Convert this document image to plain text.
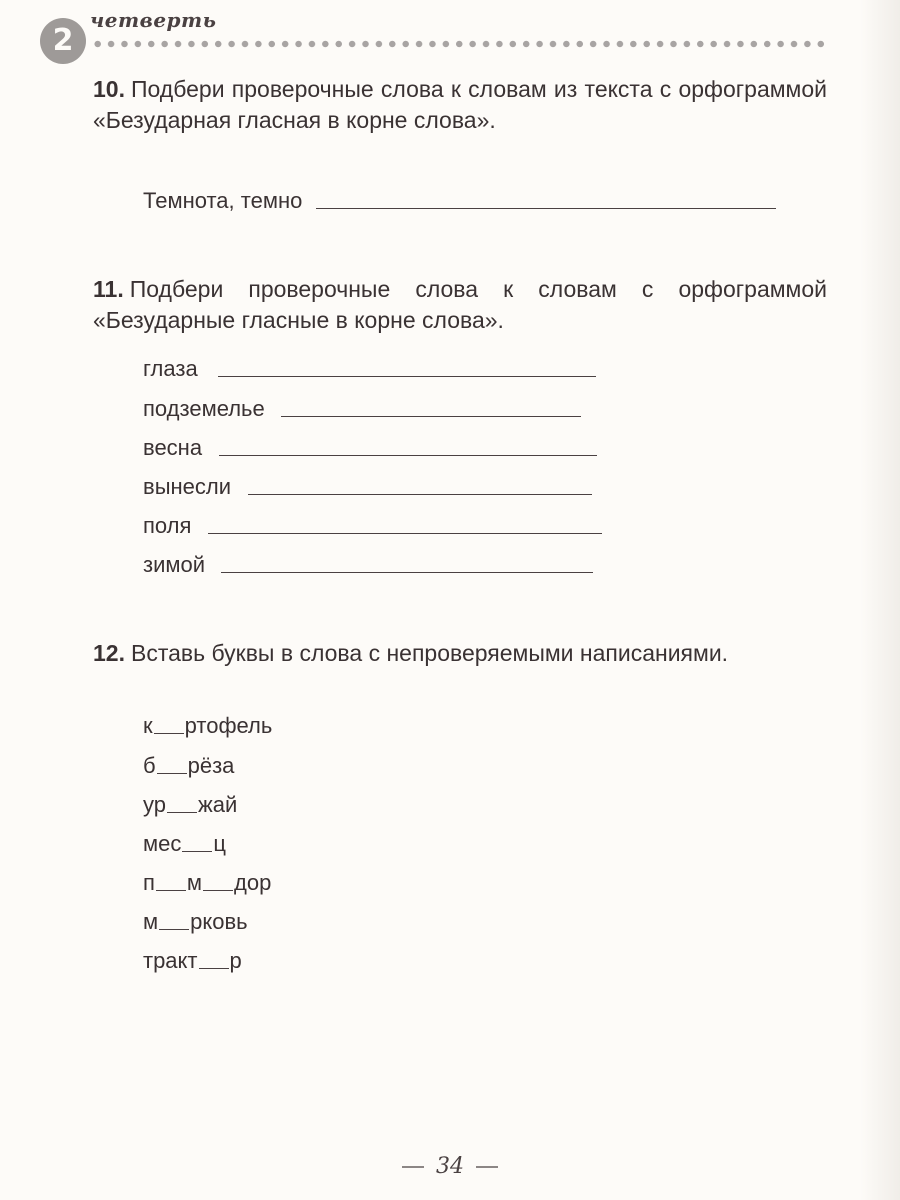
2
четверть

10. Подбери проверочные слова к словам из текста с орфограммой «Безударная гласная в корне слова».

Темнота, темно

11. Подбери проверочные слова к словам с орфограммой «Безударные гласные в корне слова».

глаза
подземелье
весна
вынесли
поля
зимой

12. Вставь буквы в слова с непроверяемыми написаниями.

к ртофель
б рёза
ур жай
мес ц
п м дор
м рковь
тракт р
34
